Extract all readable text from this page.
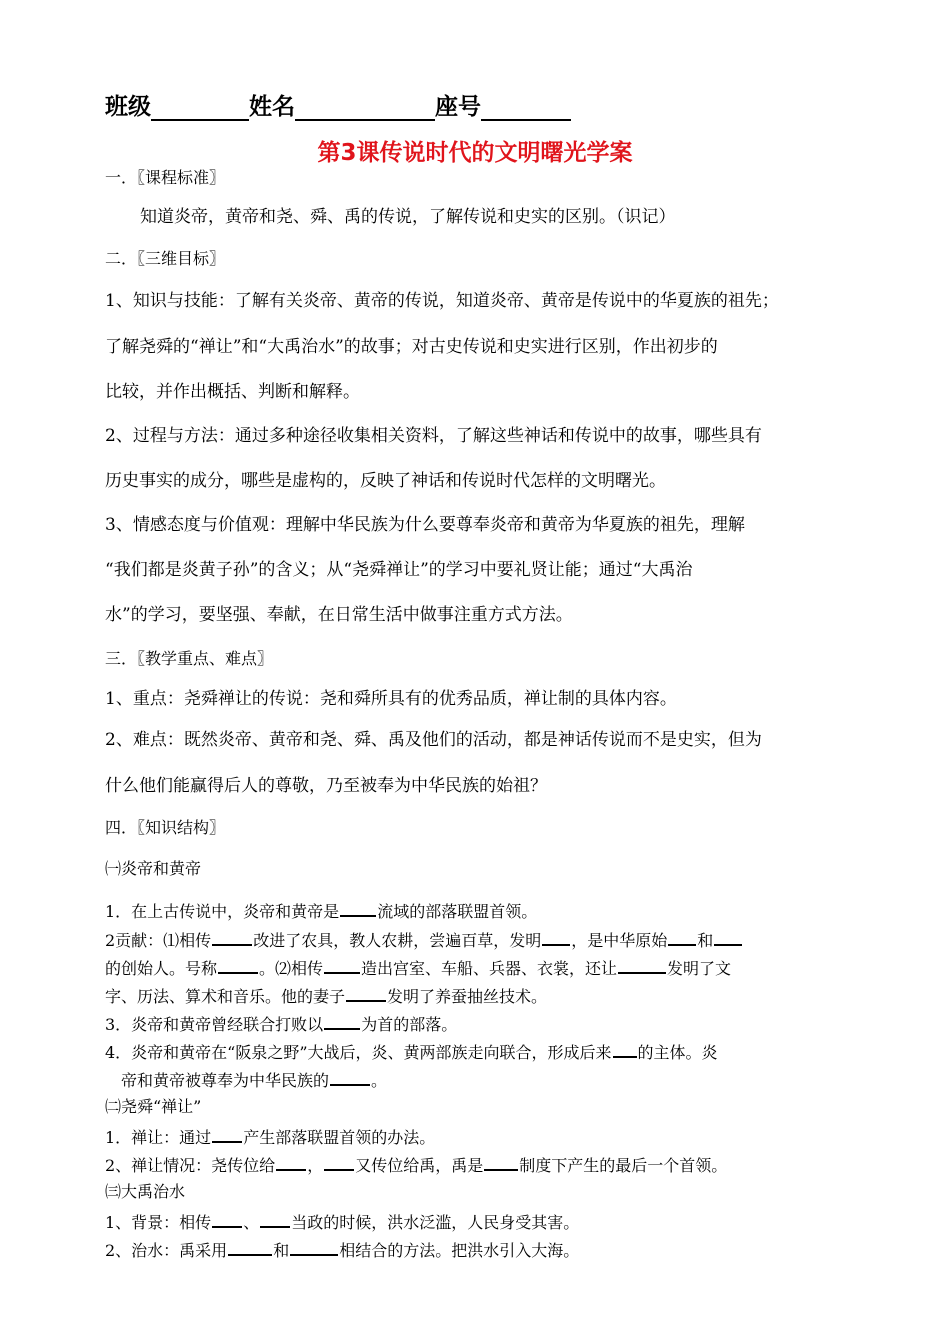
班级	姓名	座号
第3课传说时代的文明曙光学案
一．〖课程标准〗
知道炎帝，黄帝和尧、舜、禹的传说，了解传说和史实的区别。（识记）
二．〖三维目标〗
1、知识与技能：了解有关炎帝、黄帝的传说，知道炎帝、黄帝是传说中的华夏族的祖先；
了解尧舜的“禅让”和“大禹治水”的故事；对古史传说和史实进行区别，作出初步的
比较，并作出概括、判断和解释。
2、过程与方法：通过多种途径收集相关资料，了解这些神话和传说中的故事，哪些具有
历史事实的成分，哪些是虚构的，反映了神话和传说时代怎样的文明曙光。
3、情感态度与价值观：理解中华民族为什么要尊奉炎帝和黄帝为华夏族的祖先，理解
“我们都是炎黄子孙”的含义；从“尧舜禅让”的学习中要礼贤让能；通过“大禹治
水”的学习，要坚强、奉献，在日常生活中做事注重方式方法。
三．〖教学重点、难点〗
1、重点：尧舜禅让的传说：尧和舜所具有的优秀品质，禅让制的具体内容。
2、难点：既然炎帝、黄帝和尧、舜、禹及他们的活动，都是神话传说而不是史实，但为
什么他们能赢得后人的尊敬，乃至被奉为中华民族的始祖？
四．〖知识结构〗
㈠炎帝和黄帝
1．在上古传说中，炎帝和黄帝是 流域的部落联盟首领。
2贡献：⑴相传	改进了农具，教人农耕，尝遍百草，发明 ，是中华原始 和
的创始人。号称	。⑵相传 造出宫室、车船、兵器、衣裳，还让	发明了文
字、历法、算术和音乐。他的妻子	发明了养蚕抽丝技术。
3．炎帝和黄帝曾经联合打败以 为首的部落。
4．炎帝和黄帝在“阪泉之野”大战后，炎、黄两部族走向联合，形成后来 的主体。炎
帝和黄帝被尊奉为中华民族的	。
㈡尧舜“禅让”
1．禅让：通过 产生部落联盟首领的办法。
2、禅让情况：尧传位给 ， 又传位给禹，禹是 制度下产生的最后一个首领。
㈢大禹治水
1、背景：相传 、 当政的时候，洪水泛滥，人民身受其害。
2、治水：禹采用	和	相结合的方法。把洪水引入大海。
